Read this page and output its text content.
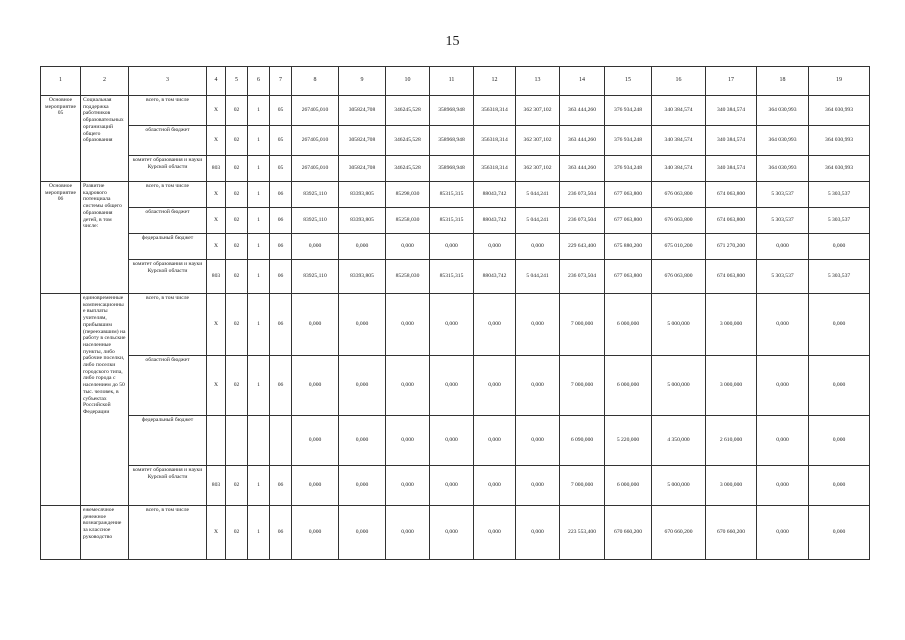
15
1	2	3	4	5	6	7	8	9	10	11	12	13	14	15	16	17	18	19
Основное мероприятие 05	Социальная поддержка работников образовательных организаций общего образования	всего, в том числе	Х	02	1	05	267405,010	305824,708	346245,528	358968,948	356318,314	362 307,102	363 444,260	376 934,248	340 384,574	340 384,574	364 030,993	364 030,993
		областной бюджет	Х	02	1	05	267405,010	305824,708	346245,528	358968,948	356318,314	362 307,102	363 444,260	376 934,248	340 384,574	340 384,574	364 030,993	364 030,993
		комитет образования и науки Курской области	803	02	1	05	267405,010	305824,708	346245,528	358968,948	356318,314	362 307,102	363 444,260	376 934,248	340 384,574	340 384,574	364 030,993	364 030,993
Основное мероприятие 06	Развитие кадрового потенциала системы общего образования детей, в том числе:	всего, в том числе	Х	02	1	06	83925,110	83393,805	85298,030	85315,315	88043,742	5 044,241	236 073,504	677 063,800	676 063,800	674 063,800	5 303,537	5 303,537
		областной бюджет	Х	02	1	06	83925,110	83393,805	85258,030	85315,315	88043,742	5 044,241	236 073,504	677 063,800	676 063,800	674 063,800	5 303,537	5 303,537
		федеральный бюджет	Х	02	1	06	0,000	0,000	0,000	0,000	0,000	0,000	229 643,400	675 880,200	675 010,200	671 270,200	0,000	0,000
		комитет образования и науки Курской области	803	02	1	06	83925,110	83393,805	85258,030	85315,315	88043,742	5 044,241	236 073,504	677 063,800	676 063,800	674 063,800	5 303,537	5 303,537
	единовременные компенсационные выплаты учителям, прибывшим (переехавшим) на работу в сельские населенные пункты, либо рабочие поселки, либо поселки городского типа, либо города с населением до 50 тыс. человек, в субъектах Российской Федерации	всего, в том числе	Х	02	1	06	0,000	0,000	0,000	0,000	0,000	0,000	7 000,000	6 000,000	5 000,000	3 000,000	0,000	0,000
		областной бюджет	Х	02	1	06	0,000	0,000	0,000	0,000	0,000	0,000	7 000,000	6 000,000	5 000,000	3 000,000	0,000	0,000
		федеральный бюджет					0,000	0,000	0,000	0,000	0,000	0,000	6 090,000	5 220,000	4 350,000	2 610,000	0,000	0,000
		комитет образования и науки Курской области	803	02	1	06	0,000	0,000	0,000	0,000	0,000	0,000	7 000,000	6 000,000	5 000,000	3 000,000	0,000	0,000
	ежемесячное денежное вознаграждение за классное руководство	всего, в том числе	Х	02	1	06	0,000	0,000	0,000	0,000	0,000	0,000	223 553,400	670 660,200	670 660,200	670 660,200	0,000	0,000
